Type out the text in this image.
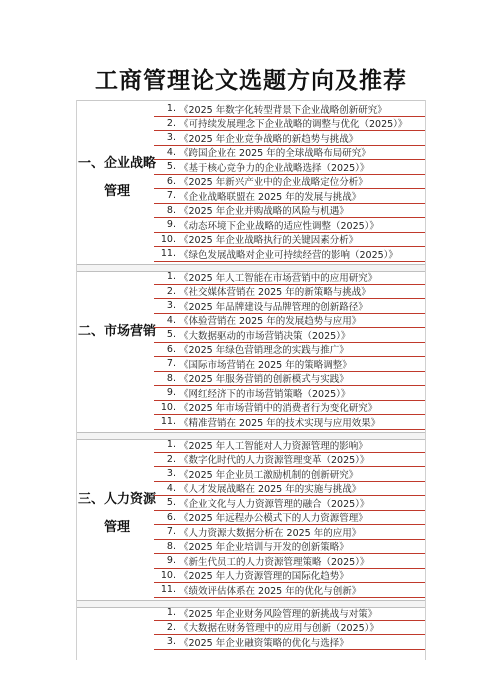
工商管理论文选题方向及推荐
一、企业战略
管理
1. 《2025 年数字化转型背景下企业战略创新研究》
2. 《可持续发展理念下企业战略的调整与优化（2025）》
3. 《2025 年企业竞争战略的新趋势与挑战》
4. 《跨国企业在 2025 年的全球战略布局研究》
5. 《基于核心竞争力的企业战略选择（2025）》
6. 《2025 年新兴产业中的企业战略定位分析》
7. 《企业战略联盟在 2025 年的发展与挑战》
8. 《2025 年企业并购战略的风险与机遇》
9. 《动态环境下企业战略的适应性调整（2025）》
10. 《2025 年企业战略执行的关键因素分析》
11. 《绿色发展战略对企业可持续经营的影响（2025）》
二、市场营销
1. 《2025 年人工智能在市场营销中的应用研究》
2. 《社交媒体营销在 2025 年的新策略与挑战》
3. 《2025 年品牌建设与品牌管理的创新路径》
4. 《体验营销在 2025 年的发展趋势与应用》
5. 《大数据驱动的市场营销决策（2025）》
6. 《2025 年绿色营销理念的实践与推广》
7. 《国际市场营销在 2025 年的策略调整》
8. 《2025 年服务营销的创新模式与实践》
9. 《网红经济下的市场营销策略（2025）》
10. 《2025 年市场营销中的消费者行为变化研究》
11. 《精准营销在 2025 年的技术实现与应用效果》
三、人力资源
管理
1. 《2025 年人工智能对人力资源管理的影响》
2. 《数字化时代的人力资源管理变革（2025）》
3. 《2025 年企业员工激励机制的创新研究》
4. 《人才发展战略在 2025 年的实施与挑战》
5. 《企业文化与人力资源管理的融合（2025）》
6. 《2025 年远程办公模式下的人力资源管理》
7. 《人力资源大数据分析在 2025 年的应用》
8. 《2025 年企业培训与开发的创新策略》
9. 《新生代员工的人力资源管理策略（2025）》
10. 《2025 年人力资源管理的国际化趋势》
11. 《绩效评估体系在 2025 年的优化与创新》
1. 《2025 年企业财务风险管理的新挑战与对策》
2. 《大数据在财务管理中的应用与创新（2025）》
3. 《2025 年企业融资策略的优化与选择》
